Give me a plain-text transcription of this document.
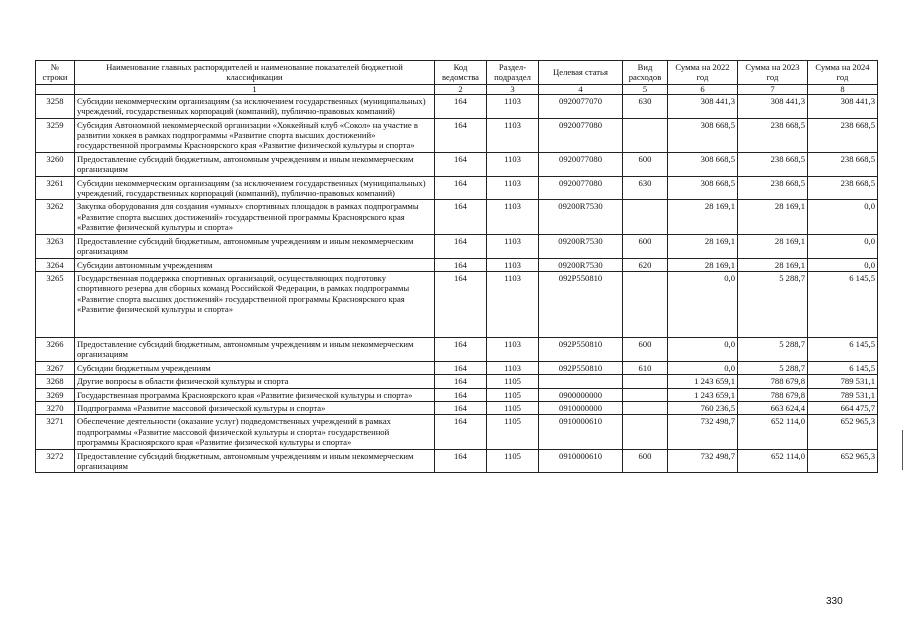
№ строки	Наименование главных распорядителей и наименование показателей бюджетной классификации	Код ведомства	Раздел-подраздел	Целевая статья	Вид расходов	Сумма на 2022 год	Сумма на 2023 год	Сумма на 2024 год
	1	2	3	4	5	6	7	8
3258	Субсидии некоммерческим организациям (за исключением государственных (муниципальных) учреждений, государственных корпораций (компаний), публично-правовых компаний)	164	1103	0920077070	630	308 441,3	308 441,3	308 441,3
3259	Субсидия Автономной некоммерческой организации «Хоккейный клуб «Сокол» на участие в развитии хоккея в рамках подпрограммы «Развитие спорта высших достижений» государственной программы Красноярского края «Развитие физической культуры и спорта»	164	1103	0920077080		308 668,5	238 668,5	238 668,5
3260	Предоставление субсидий бюджетным, автономным учреждениям и иным некоммерческим организациям	164	1103	0920077080	600	308 668,5	238 668,5	238 668,5
3261	Субсидии некоммерческим организациям (за исключением государственных (муниципальных) учреждений, государственных корпораций (компаний), публично-правовых компаний)	164	1103	0920077080	630	308 668,5	238 668,5	238 668,5
3262	Закупка оборудования для создания «умных» спортивных площадок в рамках подпрограммы «Развитие спорта высших достижений» государственной программы Красноярского края «Развитие физической культуры и спорта»	164	1103	09200R7530		28 169,1	28 169,1	0,0
3263	Предоставление субсидий бюджетным, автономным учреждениям и иным некоммерческим организациям	164	1103	09200R7530	600	28 169,1	28 169,1	0,0
3264	Субсидии автономным учреждениям	164	1103	09200R7530	620	28 169,1	28 169,1	0,0
3265	Государственная поддержка спортивных организаций, осуществляющих подготовку спортивного резерва для сборных команд Российской Федерации, в рамках подпрограммы «Развитие спорта высших достижений» государственной программы Красноярского края «Развитие физической культуры и спорта»	164	1103	092P550810		0,0	5 288,7	6 145,5
3266	Предоставление субсидий бюджетным, автономным учреждениям и иным некоммерческим организациям	164	1103	092P550810	600	0,0	5 288,7	6 145,5
3267	Субсидии бюджетным учреждениям	164	1103	092P550810	610	0,0	5 288,7	6 145,5
3268	Другие вопросы в области физической культуры и спорта	164	1105			1 243 659,1	788 679,8	789 531,1
3269	Государственная программа Красноярского края «Развитие физической культуры и спорта»	164	1105	0900000000		1 243 659,1	788 679,8	789 531,1
3270	Подпрограмма «Развитие массовой физической культуры и спорта»	164	1105	0910000000		760 236,5	663 624,4	664 475,7
3271	Обеспечение деятельности (оказание услуг) подведомственных учреждений в рамках подпрограммы «Развитие массовой физической культуры и спорта» государственной программы Красноярского края «Развитие физической культуры и спорта»	164	1105	0910000610		732 498,7	652 114,0	652 965,3
3272	Предоставление субсидий бюджетным, автономным учреждениям и иным некоммерческим организациям	164	1105	0910000610	600	732 498,7	652 114,0	652 965,3
330
